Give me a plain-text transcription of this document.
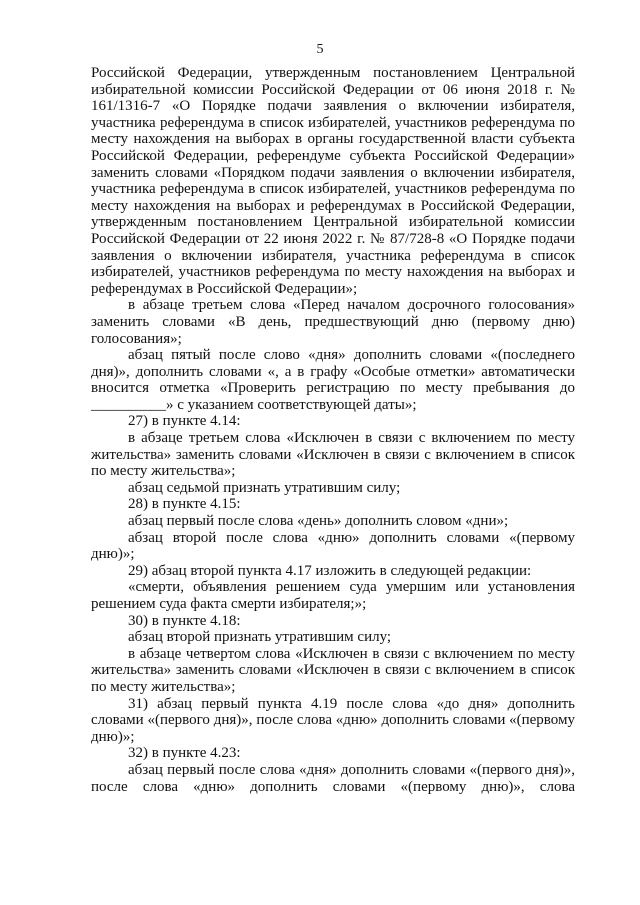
5

Российской Федерации, утвержденным постановлением Центральной избирательной комиссии Российской Федерации от 06 июня 2018 г. № 161/1316-7 «О Порядке подачи заявления о включении избирателя, участника референдума в список избирателей, участников референдума по месту нахождения на выборах в органы государственной власти субъекта Российской Федерации, референдуме субъекта Российской Федерации» заменить словами «Порядком подачи заявления о включении избирателя, участника референдума в список избирателей, участников референдума по месту нахождения на выборах и референдумах в Российской Федерации, утвержденным постановлением Центральной избирательной комиссии Российской Федерации от 22 июня 2022 г. № 87/728-8 «О Порядке подачи заявления о включении избирателя, участника референдума в список избирателей, участников референдума по месту нахождения на выборах и референдумах в Российской Федерации»;

в абзаце третьем слова «Перед началом досрочного голосования» заменить словами «В день, предшествующий дню (первому дню) голосования»;

абзац пятый после слово «дня» дополнить словами «(последнего дня)», дополнить словами «, а в графу «Особые отметки» автоматически вносится отметка «Проверить регистрацию по месту пребывания до __________» с указанием соответствующей даты»;

27) в пункте 4.14:

в абзаце третьем слова «Исключен в связи с включением по месту жительства» заменить словами «Исключен в связи с включением в список по месту жительства»;

абзац седьмой признать утратившим силу;

28) в пункте 4.15:

абзац первый после слова «день» дополнить словом «дни»;

абзац второй после слова «дню» дополнить словами «(первому дню)»;

29) абзац второй пункта 4.17 изложить в следующей редакции:

«смерти, объявления решением суда умершим или установления решением суда факта смерти избирателя;»;

30) в пункте 4.18:

абзац второй признать утратившим силу;

в абзаце четвертом слова «Исключен в связи с включением по месту жительства» заменить словами «Исключен в связи с включением в список по месту жительства»;

31) абзац первый пункта 4.19 после слова «до дня» дополнить словами «(первого дня)», после слова «дню» дополнить словами «(первому дню)»;

32) в пункте 4.23:

абзац первый после слова «дня» дополнить словами «(первого дня)», после слова «дню» дополнить словами «(первому дню)», слова
